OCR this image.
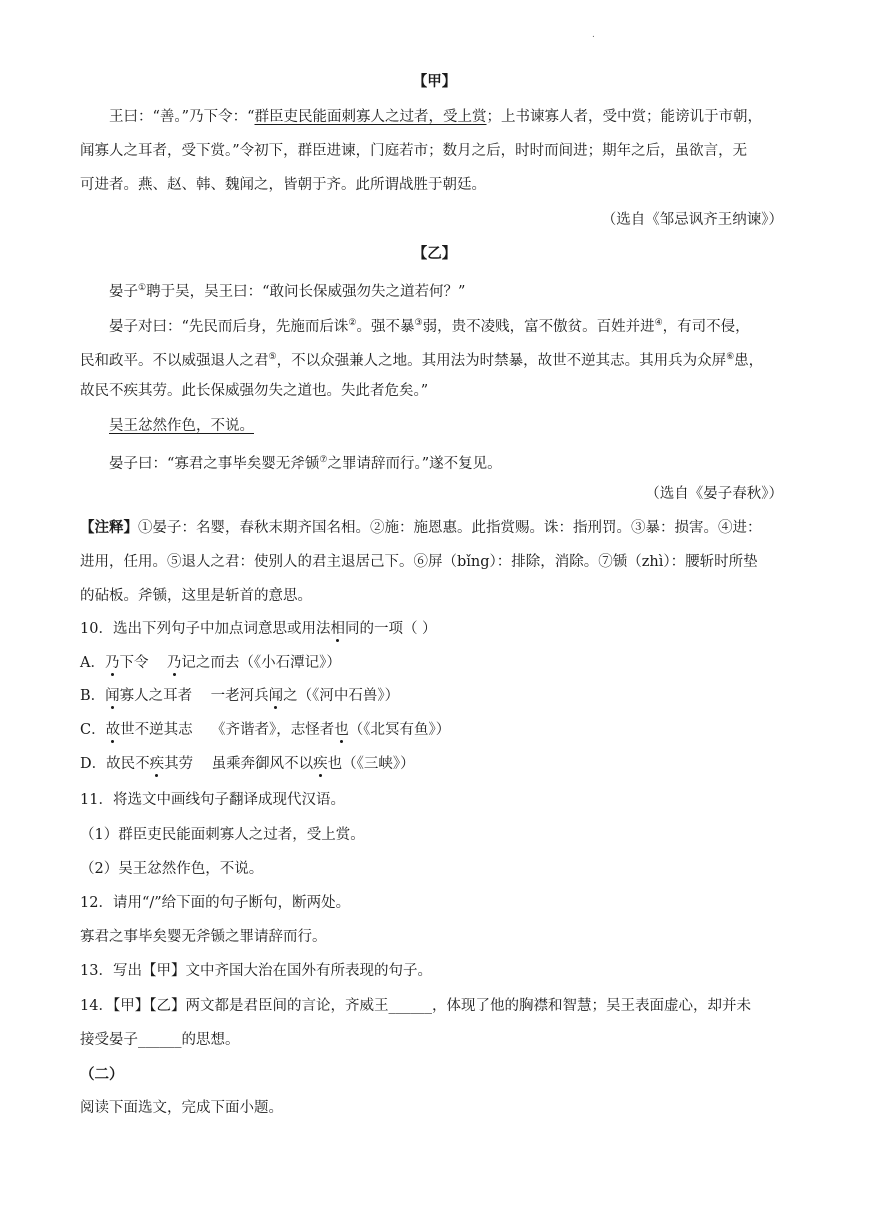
.
【甲】
王曰：“善。”乃下令：“群臣吏民能面刺寡人之过者，受上赏；上书谏寡人者，受中赏；能谤讥于市朝，
闻寡人之耳者，受下赏。”令初下，群臣进谏，门庭若市；数月之后，时时而间进；期年之后，虽欲言，无
可进者。燕、赵、韩、魏闻之，皆朝于齐。此所谓战胜于朝廷。
（选自《邹忌讽齐王纳谏》）
【乙】
晏子①聘于吴，吴王曰：“敢问长保威强勿失之道若何？”
晏子对曰：“先民而后身，先施而后诛②。强不暴③弱，贵不凌贱，富不傲贫。百姓并进④，有司不侵，
民和政平。不以威强退人之君⑤，不以众强兼人之地。其用法为时禁暴，故世不逆其志。其用兵为众屏⑥患，
故民不疾其劳。此长保威强勿失之道也。失此者危矣。”
吴王忿然作色，不说。
晏子曰：“寡君之事毕矣婴无斧锧⑦之罪请辞而行。”遂不复见。
（选自《晏子春秋》）
【注释】①晏子：名婴，春秋末期齐国名相。②施：施恩惠。此指赏赐。诛：指刑罚。③暴：损害。④进：
进用，任用。⑤退人之君：使别人的君主退居己下。⑥屏（bǐng）：排除，消除。⑦锧（zhì）：腰斩时所垫
的砧板。斧锧，这里是斩首的意思。
10．选出下列句子中加点词意思或用法相同的一项（ ）
A．乃下令    乃记之而去（《小石潭记》）
B．闻寡人之耳者    一老河兵闻之（《河中石兽》）
C．故世不逆其志    《齐谐者》，志怪者也（《北冥有鱼》）
D．故民不疾其劳    虽乘奔御风不以疾也（《三峡》）
11．将选文中画线句子翻译成现代汉语。
（1）群臣吏民能面刺寡人之过者，受上赏。
（2）吴王忿然作色，不说。
12．请用“/”给下面的句子断句，断两处。
寡君之事毕矣婴无斧锧之罪请辞而行。
13．写出【甲】文中齐国大治在国外有所表现的句子。
14．【甲】【乙】两文都是君臣间的言论，齐威王______，体现了他的胸襟和智慧；吴王表面虚心，却并未
接受晏子______的思想。
（二）
阅读下面选文，完成下面小题。
